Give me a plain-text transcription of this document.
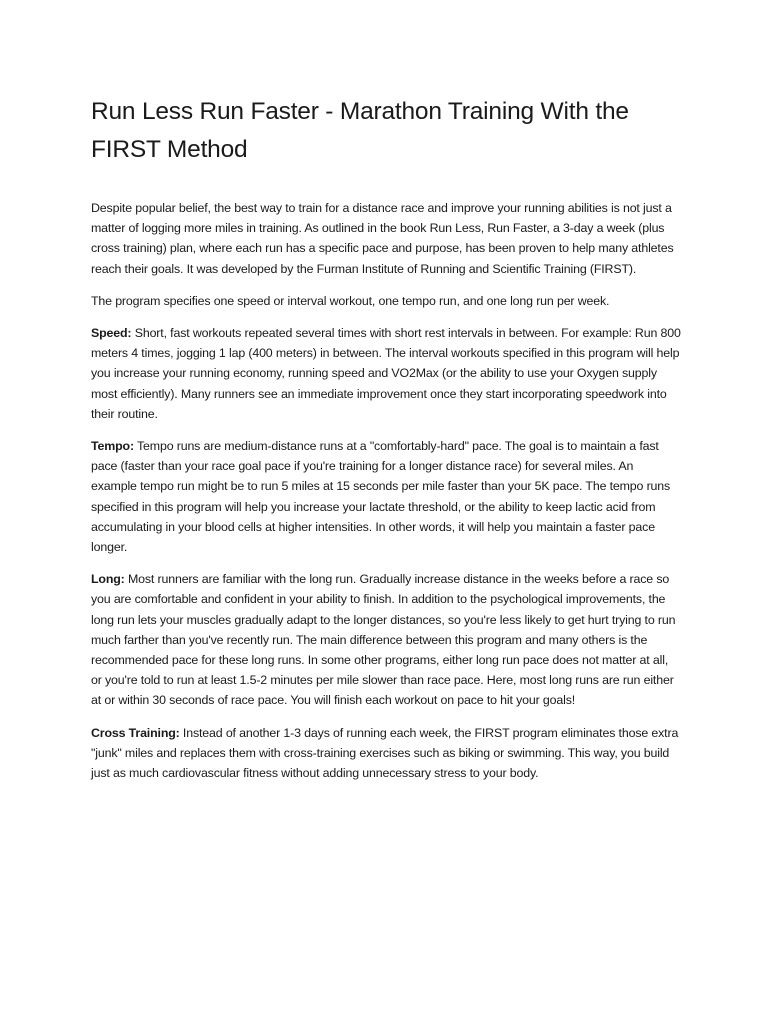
Run Less Run Faster - Marathon Training With the FIRST Method

Despite popular belief, the best way to train for a distance race and improve your running abilities is not just a matter of logging more miles in training. As outlined in the book Run Less, Run Faster, a 3-day a week (plus cross training) plan, where each run has a specific pace and purpose, has been proven to help many athletes reach their goals. It was developed by the Furman Institute of Running and Scientific Training (FIRST).

The program specifies one speed or interval workout, one tempo run, and one long run per week.

Speed: Short, fast workouts repeated several times with short rest intervals in between. For example: Run 800 meters 4 times, jogging 1 lap (400 meters) in between. The interval workouts specified in this program will help you increase your running economy, running speed and VO2Max (or the ability to use your Oxygen supply most efficiently). Many runners see an immediate improvement once they start incorporating speedwork into their routine.

Tempo: Tempo runs are medium-distance runs at a "comfortably-hard" pace. The goal is to maintain a fast pace (faster than your race goal pace if you're training for a longer distance race) for several miles. An example tempo run might be to run 5 miles at 15 seconds per mile faster than your 5K pace. The tempo runs specified in this program will help you increase your lactate threshold, or the ability to keep lactic acid from accumulating in your blood cells at higher intensities. In other words, it will help you maintain a faster pace longer.

Long: Most runners are familiar with the long run. Gradually increase distance in the weeks before a race so you are comfortable and confident in your ability to finish. In addition to the psychological improvements, the long run lets your muscles gradually adapt to the longer distances, so you're less likely to get hurt trying to run much farther than you've recently run. The main difference between this program and many others is the recommended pace for these long runs. In some other programs, either long run pace does not matter at all, or you're told to run at least 1.5-2 minutes per mile slower than race pace. Here, most long runs are run either at or within 30 seconds of race pace. You will finish each workout on pace to hit your goals!

Cross Training: Instead of another 1-3 days of running each week, the FIRST program eliminates those extra "junk" miles and replaces them with cross-training exercises such as biking or swimming. This way, you build just as much cardiovascular fitness without adding unnecessary stress to your body.
